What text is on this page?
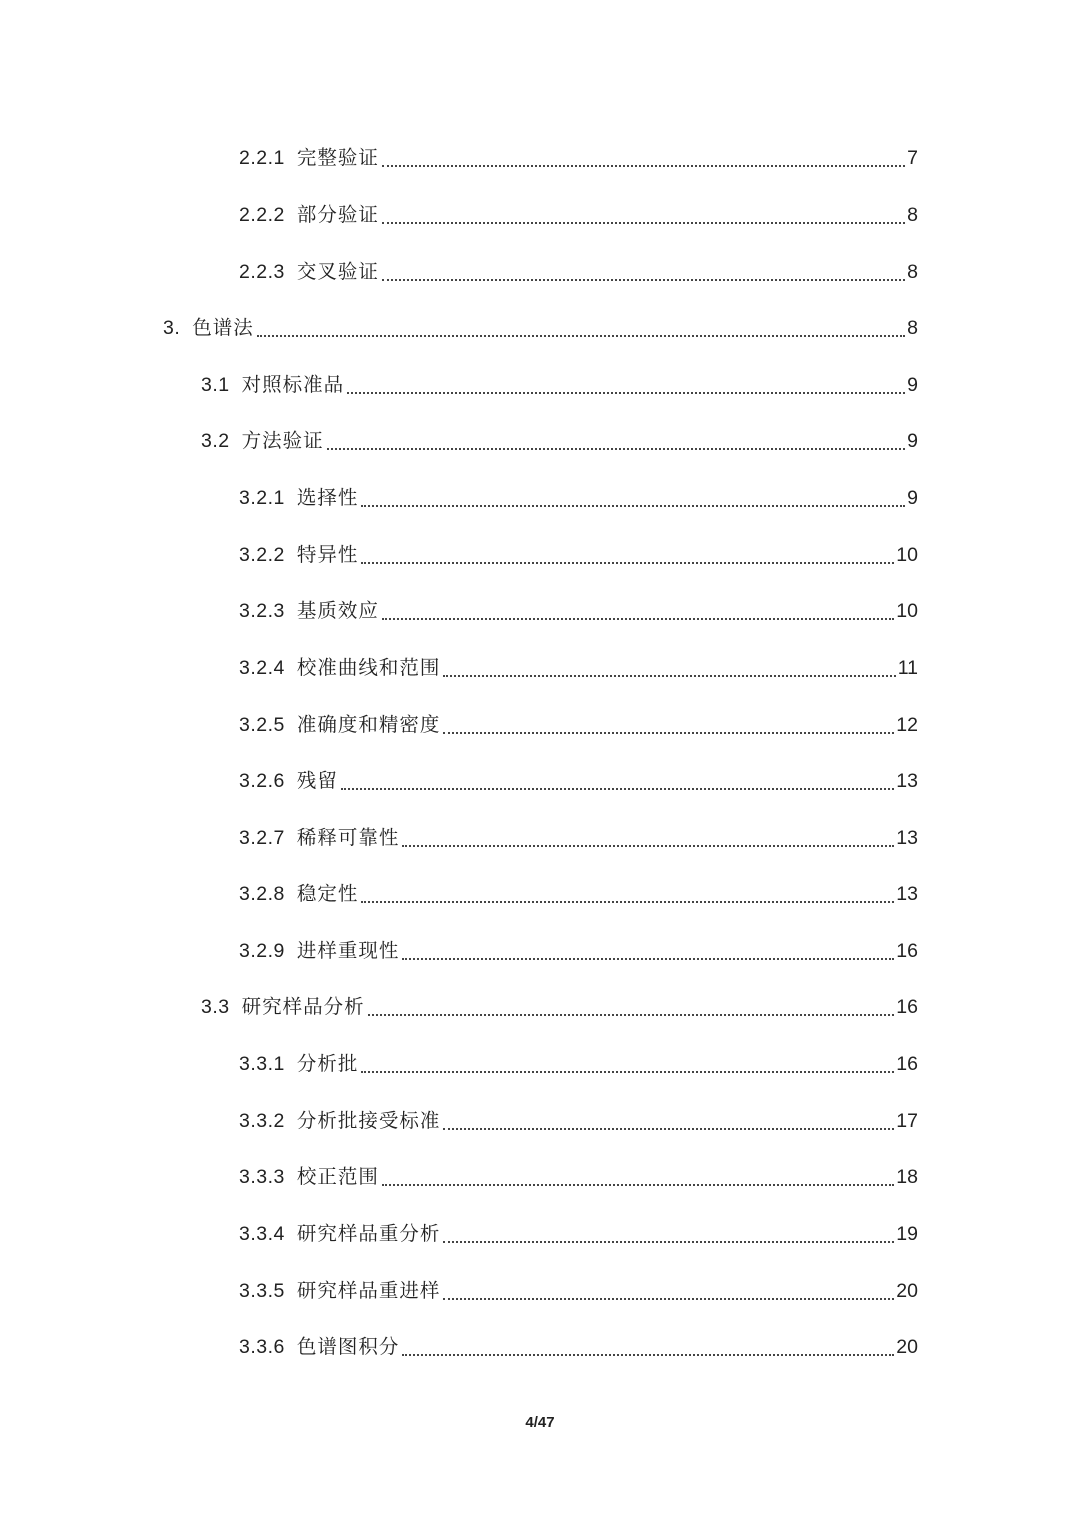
2.2.1 完整验证	7
2.2.2 部分验证	8
2.2.3 交叉验证	8
3. 色谱法	8
3.1 对照标准品	9
3.2 方法验证	9
3.2.1 选择性	9
3.2.2 特异性	10
3.2.3 基质效应	10
3.2.4 校准曲线和范围	11
3.2.5 准确度和精密度	12
3.2.6 残留	13
3.2.7 稀释可靠性	13
3.2.8 稳定性	13
3.2.9 进样重现性	16
3.3 研究样品分析	16
3.3.1 分析批	16
3.3.2 分析批接受标准	17
3.3.3 校正范围	18
3.3.4 研究样品重分析	19
3.3.5 研究样品重进样	20
3.3.6 色谱图积分	20
4/47
